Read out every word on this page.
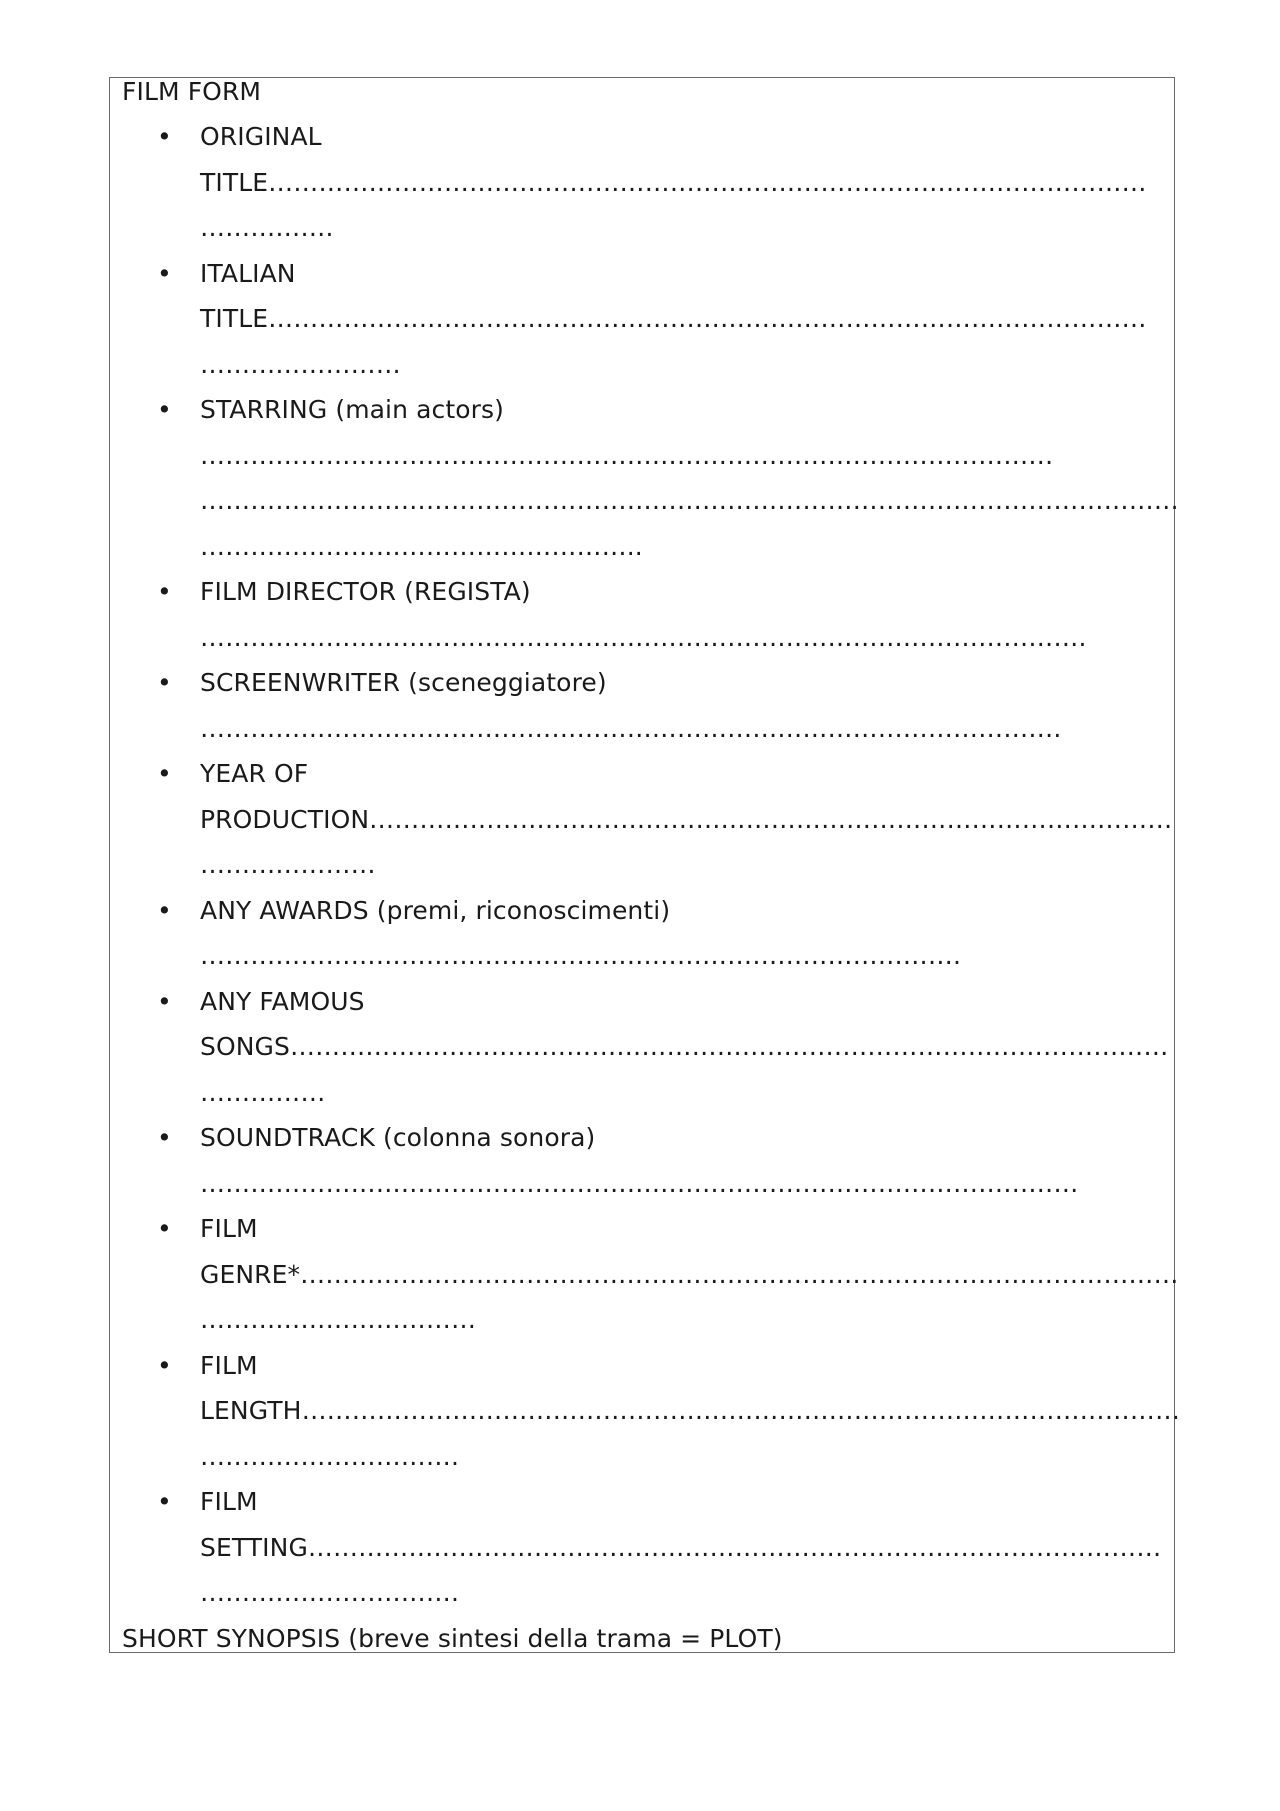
FILM FORM
• ORIGINAL
TITLE……………………………………………………………………………………………
…………….
• ITALIAN
TITLE……………………………………………………………………………………………
……………………
• STARRING (main actors)
…………………………………………………………………………………………
………………………………………………………………………………………………………
……………………………………………..
• FILM DIRECTOR (REGISTA)
…………………………………………………………………………………………….
• SCREENWRITER (sceneggiatore)
………………………………………………………………………………………….
• YEAR OF
PRODUCTION……………………………………………………………………………………
…………………
• ANY AWARDS (premi, riconoscimenti)
……………………………………………………………………………….
• ANY FAMOUS
SONGS……………………………………………………………………………………………
……………
• SOUNDTRACK (colonna sonora)
……………………………………………………………………………………………
• FILM
GENRE*……………………………………………………………………………………………
……………………………
• FILM
LENGTH……………………………………………………………………………………………
………………………….
• FILM
SETTING…………………………………………………………………………………………
………………………….
SHORT SYNOPSIS (breve sintesi della trama = PLOT)
